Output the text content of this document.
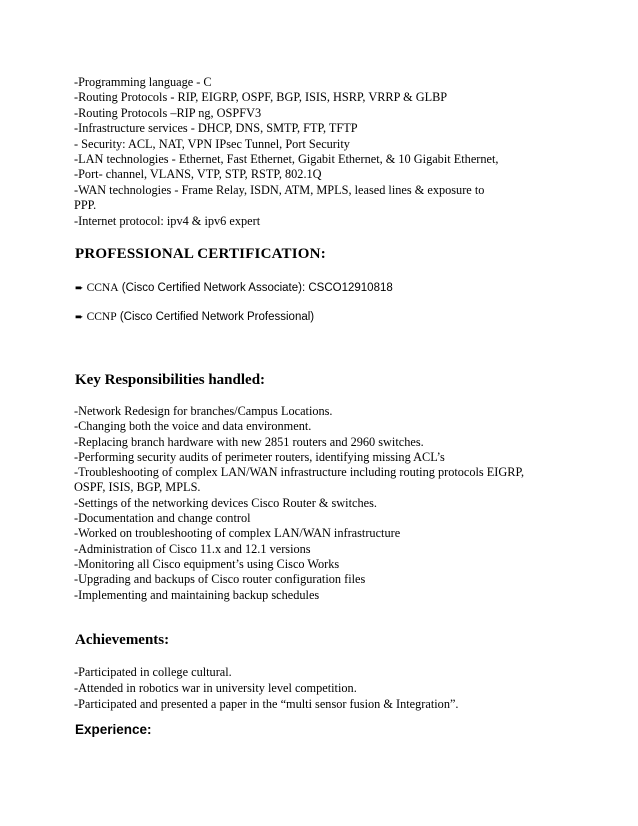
-Programming language - C
-Routing Protocols - RIP, EIGRP, OSPF, BGP, ISIS, HSRP, VRRP & GLBP
-Routing Protocols –RIP ng, OSPFV3
-Infrastructure services - DHCP, DNS, SMTP, FTP, TFTP
- Security: ACL, NAT, VPN IPsec Tunnel, Port Security
-LAN technologies - Ethernet, Fast Ethernet, Gigabit Ethernet, & 10 Gigabit Ethernet,
-Port- channel, VLANS, VTP, STP, RSTP, 802.1Q
-WAN technologies - Frame Relay, ISDN, ATM, MPLS, leased lines & exposure to
PPP.
-Internet protocol: ipv4 & ipv6 expert
PROFESSIONAL CERTIFICATION:
➨ CCNA (Cisco Certified Network Associate): CSCO12910818
➨ CCNP (Cisco Certified Network Professional)
Key Responsibilities handled:
-Network Redesign for branches/Campus Locations.
-Changing both the voice and data environment.
-Replacing branch hardware with new 2851 routers and 2960 switches.
-Performing security audits of perimeter routers, identifying missing ACL’s
-Troubleshooting of complex LAN/WAN infrastructure including routing protocols EIGRP,
OSPF, ISIS, BGP, MPLS.
-Settings of the networking devices Cisco Router & switches.
-Documentation and change control
-Worked on troubleshooting of complex LAN/WAN infrastructure
-Administration of Cisco 11.x and 12.1 versions
-Monitoring all Cisco equipment’s using Cisco Works
-Upgrading and backups of Cisco router configuration files
-Implementing and maintaining backup schedules
Achievements:
-Participated in college cultural.
-Attended in robotics war in university level competition.
-Participated and presented a paper in the “multi sensor fusion & Integration”.
Experience:
